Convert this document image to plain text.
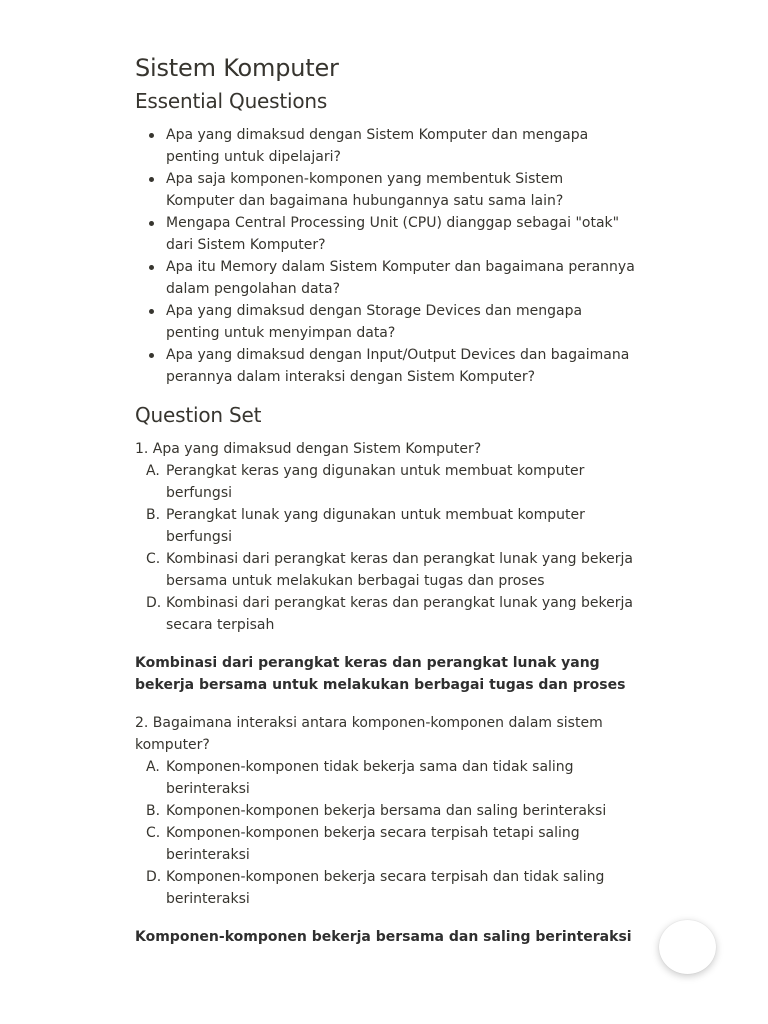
Sistem Komputer
Essential Questions
Apa yang dimaksud dengan Sistem Komputer dan mengapa penting untuk dipelajari?
Apa saja komponen-komponen yang membentuk Sistem Komputer dan bagaimana hubungannya satu sama lain?
Mengapa Central Processing Unit (CPU) dianggap sebagai "otak" dari Sistem Komputer?
Apa itu Memory dalam Sistem Komputer dan bagaimana perannya dalam pengolahan data?
Apa yang dimaksud dengan Storage Devices dan mengapa penting untuk menyimpan data?
Apa yang dimaksud dengan Input/Output Devices dan bagaimana perannya dalam interaksi dengan Sistem Komputer?
Question Set

1. Apa yang dimaksud dengan Sistem Komputer?

A. Perangkat keras yang digunakan untuk membuat komputer berfungsi
B. Perangkat lunak yang digunakan untuk membuat komputer berfungsi
C. Kombinasi dari perangkat keras dan perangkat lunak yang bekerja bersama untuk melakukan berbagai tugas dan proses
D. Kombinasi dari perangkat keras dan perangkat lunak yang bekerja secara terpisah

Kombinasi dari perangkat keras dan perangkat lunak yang bekerja bersama untuk melakukan berbagai tugas dan proses

2. Bagaimana interaksi antara komponen-komponen dalam sistem komputer?

A. Komponen-komponen tidak bekerja sama dan tidak saling berinteraksi
B. Komponen-komponen bekerja bersama dan saling berinteraksi
C. Komponen-komponen bekerja secara terpisah tetapi saling berinteraksi
D. Komponen-komponen bekerja secara terpisah dan tidak saling berinteraksi

Komponen-komponen bekerja bersama dan saling berinteraksi
